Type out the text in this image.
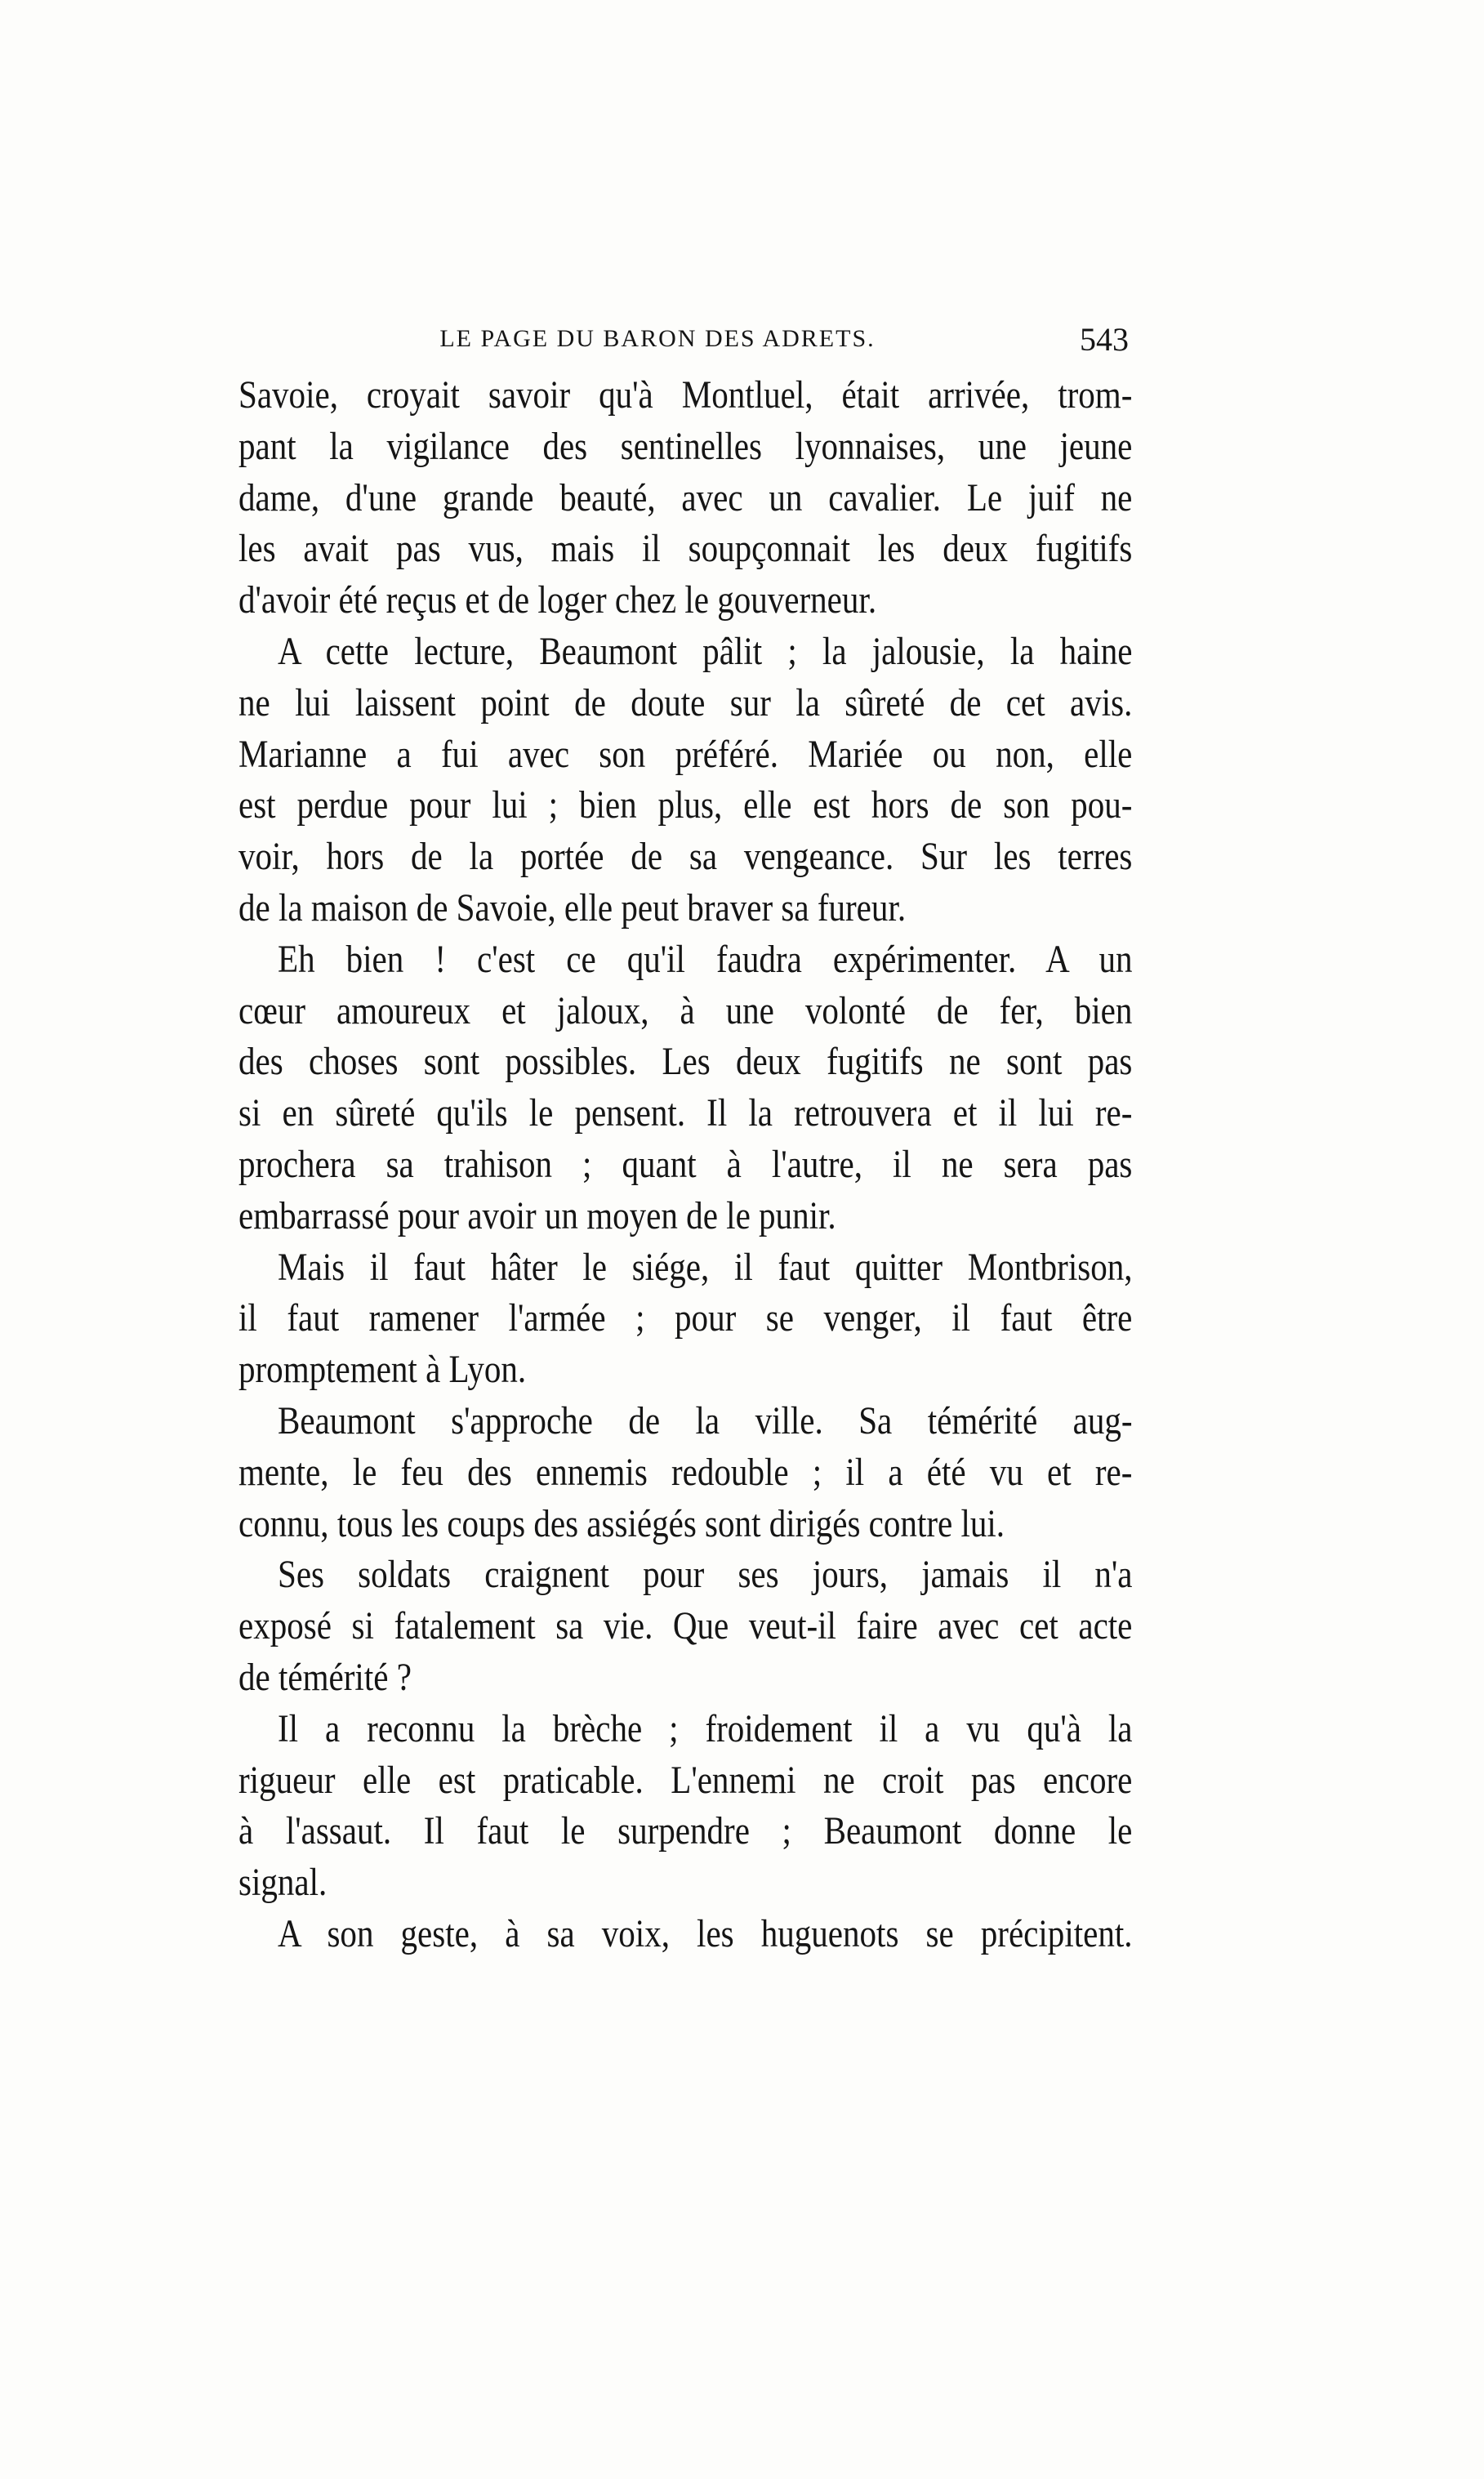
LE PAGE DU BARON DES ADRETS.	543
Savoie, croyait savoir qu'à Montluel, était arrivée, trom-
pant la vigilance des sentinelles lyonnaises, une jeune
dame, d'une grande beauté, avec un cavalier. Le juif ne
les avait pas vus, mais il soupçonnait les deux fugitifs
d'avoir été reçus et de loger chez le gouverneur.
A cette lecture, Beaumont pâlit ; la jalousie, la haine
ne lui laissent point de doute sur la sûreté de cet avis.
Marianne a fui avec son préféré. Mariée ou non, elle
est perdue pour lui ; bien plus, elle est hors de son pou-
voir, hors de la portée de sa vengeance. Sur les terres
de la maison de Savoie, elle peut braver sa fureur.
Eh bien ! c'est ce qu'il faudra expérimenter. A un
cœur amoureux et jaloux, à une volonté de fer, bien
des choses sont possibles. Les deux fugitifs ne sont pas
si en sûreté qu'ils le pensent. Il la retrouvera et il lui re-
prochera sa trahison ; quant à l'autre, il ne sera pas
embarrassé pour avoir un moyen de le punir.
Mais il faut hâter le siége, il faut quitter Montbrison,
il faut ramener l'armée ; pour se venger, il faut être
promptement à Lyon.
Beaumont s'approche de la ville. Sa témérité aug-
mente, le feu des ennemis redouble ; il a été vu et re-
connu, tous les coups des assiégés sont dirigés contre lui.
Ses soldats craignent pour ses jours, jamais il n'a
exposé si fatalement sa vie. Que veut-il faire avec cet acte
de témérité ?
Il a reconnu la brèche ; froidement il a vu qu'à la
rigueur elle est praticable. L'ennemi ne croit pas encore
à l'assaut. Il faut le surpendre ; Beaumont donne le
signal.
A son geste, à sa voix, les huguenots se précipitent.
